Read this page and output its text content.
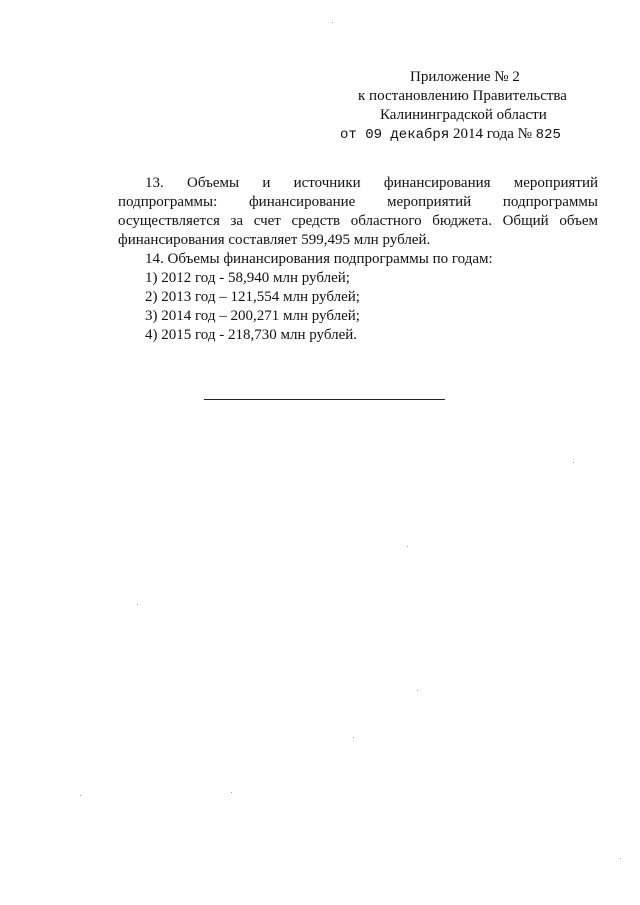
Приложение № 2
к постановлению Правительства
Калининградской области
от 09 декабря 2014 года № 825

13. Объемы и источники финансирования мероприятий подпрограммы: финансирование мероприятий подпрограммы осуществляется за счет средств областного бюджета. Общий объем финансирования составляет 599,495 млн рублей.

14. Объемы финансирования подпрограммы по годам:

1) 2012 год - 58,940 млн рублей;

2) 2013 год – 121,554 млн рублей;

3) 2014 год – 200,271 млн рублей;

4) 2015 год - 218,730 млн рублей.
